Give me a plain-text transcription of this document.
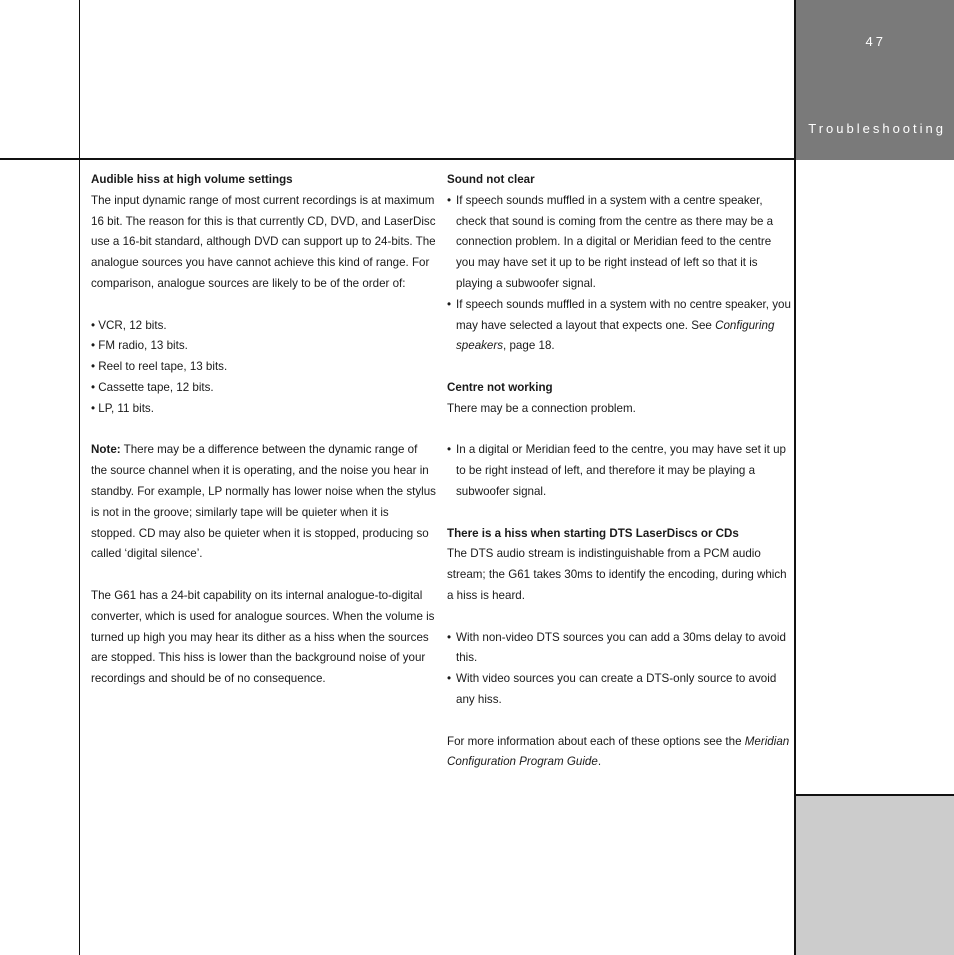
47
Troubleshooting

Audible hiss at high volume settings

The input dynamic range of most current recordings is at maximum 16 bit. The reason for this is that currently CD, DVD, and LaserDisc use a 16-bit standard, although DVD can support up to 24-bits. The analogue sources you have cannot achieve this kind of range. For comparison, analogue sources are likely to be of the order of:

• VCR, 12 bits.

• FM radio, 13 bits.

• Reel to reel tape, 13 bits.

• Cassette tape, 12 bits.

• LP, 11 bits.

Note: There may be a difference between the dynamic range of the source channel when it is operating, and the noise you hear in standby. For example, LP normally has lower noise when the stylus is not in the groove; similarly tape will be quieter when it is stopped. CD may also be quieter when it is stopped, producing so called ‘digital silence’.

The G61 has a 24-bit capability on its internal analogue-to-digital converter, which is used for analogue sources. When the volume is turned up high you may hear its dither as a hiss when the sources are stopped. This hiss is lower than the background noise of your recordings and should be of no consequence.

Sound not clear

• If speech sounds muffled in a system with a centre speaker, check that sound is coming from the centre as there may be a connection problem. In a digital or Meridian feed to the centre you may have set it up to be right instead of left so that it is playing a subwoofer signal.

• If speech sounds muffled in a system with no centre speaker, you may have selected a layout that expects one. See Configuring speakers, page 18.

Centre not working

There may be a connection problem.

• In a digital or Meridian feed to the centre, you may have set it up to be right instead of left, and therefore it may be playing a subwoofer signal.

There is a hiss when starting DTS LaserDiscs or CDs

The DTS audio stream is indistinguishable from a PCM audio stream; the G61 takes 30ms to identify the encoding, during which a hiss is heard.

• With non-video DTS sources you can add a 30ms delay to avoid this.

• With video sources you can create a DTS-only source to avoid any hiss.

For more information about each of these options see the Meridian Configuration Program Guide.
